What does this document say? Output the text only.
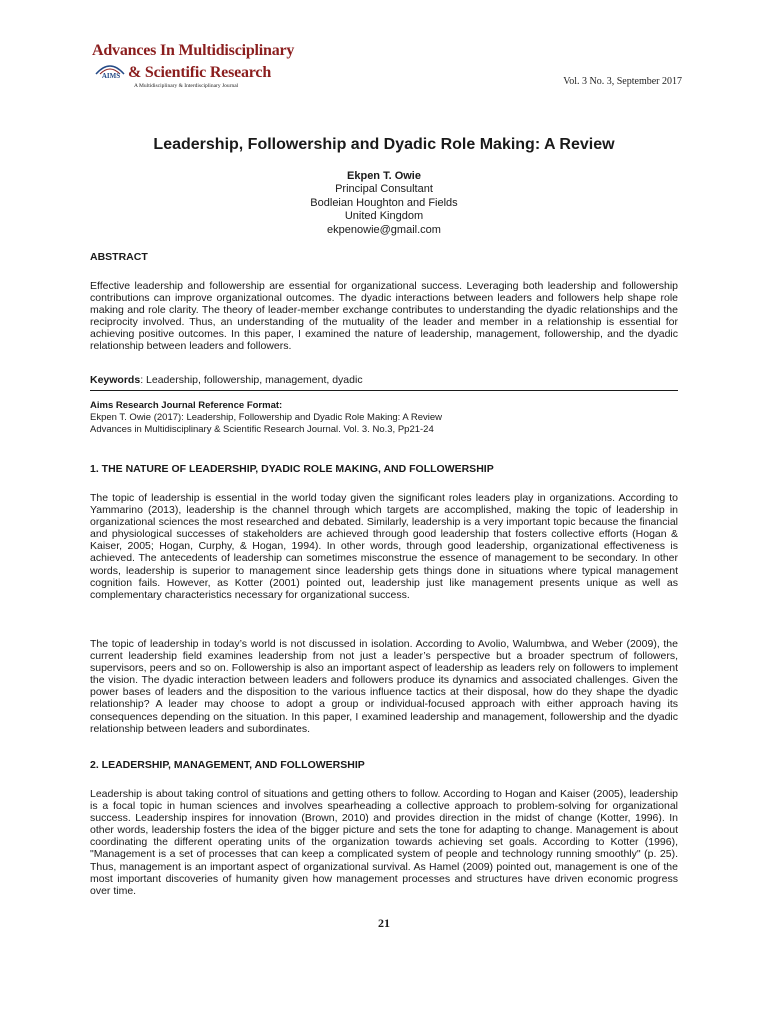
Advances In Multidisciplinary
& Scientific Research
AIMS
A Multidisciplinary & Interdisciplinary Journal	Vol. 3 No. 3, September 2017
Leadership, Followership and Dyadic Role Making: A Review
Ekpen T. Owie
Principal Consultant
Bodleian Houghton and Fields
United Kingdom
ekpenowie@gmail.com
ABSTRACT
Effective leadership and followership are essential for organizational success. Leveraging both leadership and followership contributions can improve organizational outcomes. The dyadic interactions between leaders and followers help shape role making and role clarity. The theory of leader-member exchange contributes to understanding the dyadic relationships and the reciprocity involved. Thus, an understanding of the mutuality of the leader and member in a relationship is essential for achieving positive outcomes. In this paper, I examined the nature of leadership, management, followership, and the dyadic relationship between leaders and followers.
Keywords: Leadership, followership, management, dyadic
Aims Research Journal Reference Format:
Ekpen T. Owie (2017): Leadership, Followership and Dyadic Role Making: A Review
Advances in Multidisciplinary & Scientific Research Journal. Vol. 3. No.3, Pp21-24
1. THE NATURE OF LEADERSHIP, DYADIC ROLE MAKING, AND FOLLOWERSHIP
The topic of leadership is essential in the world today given the significant roles leaders play in organizations. According to Yammarino (2013), leadership is the channel through which targets are accomplished, making the topic of leadership in organizational sciences the most researched and debated. Similarly, leadership is a very important topic because the financial and physiological successes of stakeholders are achieved through good leadership that fosters collective efforts (Hogan & Kaiser, 2005; Hogan, Curphy, & Hogan, 1994). In other words, through good leadership, organizational effectiveness is achieved. The antecedents of leadership can sometimes misconstrue the essence of management to be secondary. In other words, leadership is superior to management since leadership gets things done in situations where typical management cognition fails. However, as Kotter (2001) pointed out, leadership just like management presents unique as well as complementary characteristics necessary for organizational success.
The topic of leadership in today’s world is not discussed in isolation. According to Avolio, Walumbwa, and Weber (2009), the current leadership field examines leadership from not just a leader’s perspective but a broader spectrum of followers, supervisors, peers and so on. Followership is also an important aspect of leadership as leaders rely on followers to implement the vision. The dyadic interaction between leaders and followers produce its dynamics and associated challenges. Given the power bases of leaders and the disposition to the various influence tactics at their disposal, how do they shape the dyadic relationship? A leader may choose to adopt a group or individual-focused approach with either approach having its consequences depending on the situation. In this paper, I examined leadership and management, followership and the dyadic relationship between leaders and subordinates.
2. LEADERSHIP, MANAGEMENT, AND FOLLOWERSHIP
Leadership is about taking control of situations and getting others to follow. According to Hogan and Kaiser (2005), leadership is a focal topic in human sciences and involves spearheading a collective approach to problem-solving for organizational success. Leadership inspires for innovation (Brown, 2010) and provides direction in the midst of change (Kotter, 1996). In other words, leadership fosters the idea of the bigger picture and sets the tone for adapting to change. Management is about coordinating the different operating units of the organization towards achieving set goals. According to Kotter (1996), "Management is a set of processes that can keep a complicated system of people and technology running smoothly" (p. 25). Thus, management is an important aspect of organizational survival. As Hamel (2009) pointed out, management is one of the most important discoveries of humanity given how management processes and structures have driven economic progress over time.
21
